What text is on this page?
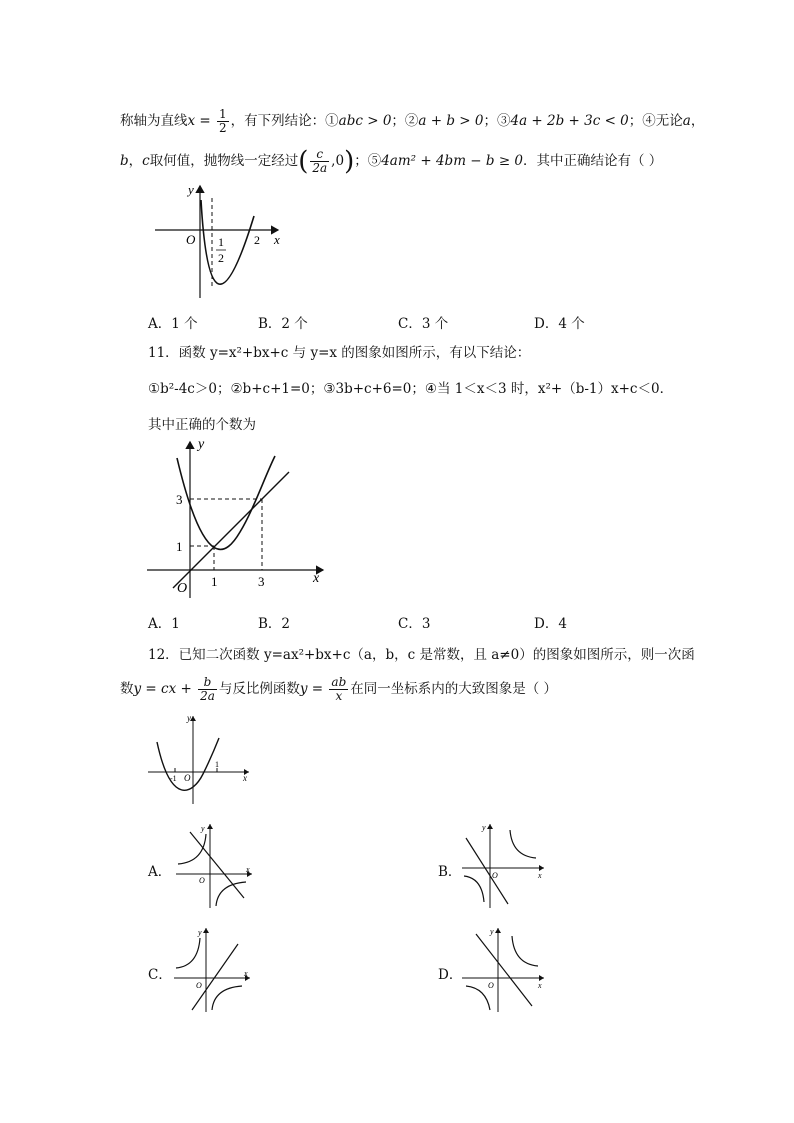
称轴为直线$x = \frac{1}{2}$ ，有下列结论：①abc > 0；②a + b > 0；③4a + 2b + 3c < 0；④无论a，
b，c取何值，抛物线一定经过( $\frac{c}{2a} ,0$)；⑤4am² + 4bm − b ≥ 0．其中正确结论有（ ）
y
O	x
1
2
2
A．1 个	B．2 个	C．3 个	D．4 个
11．函数 y=x²+bx+c 与 y=x 的图象如图所示，有以下结论：
①b²-4c＞0；②b+c+1=0；③3b+c+6=0；④当 1＜x＜3 时，x²+（b-1）x+c＜0．
其中正确的个数为
y
x
O
3
1
1	3
A．1	B．2	C．3	D．4
12．已知二次函数 y=ax²+bx+c（a，b，c 是常数，且 a≠0）的图象如图所示，则一次函
数y = cx + $\frac{b}{2a}$ 与反比例函数$y = \frac{ab}{x}$ 在同一坐标系内的大致图象是（ ）
y
x
O
-1
1
A．
y
x
O
B．
y
x
O
C．
y
x
O
D．
y
x
O
